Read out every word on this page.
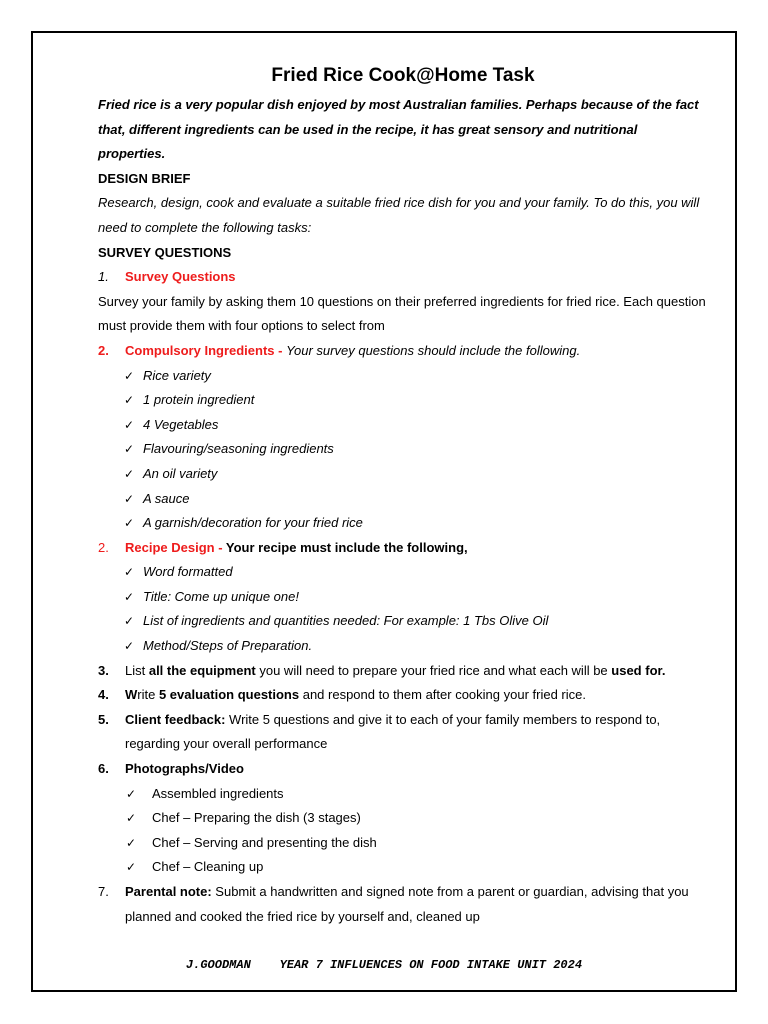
Fried Rice Cook@Home Task
Fried rice is a very popular dish enjoyed by most Australian families. Perhaps because of the fact that, different ingredients can be used in the recipe, it has great sensory and nutritional properties.
DESIGN BRIEF
Research, design, cook and evaluate a suitable fried rice dish for you and your family. To do this, you will need to complete the following tasks:
SURVEY QUESTIONS
1. Survey Questions
Survey your family by asking them 10 questions on their preferred ingredients for fried rice. Each question must provide them with four options to select from
2. Compulsory Ingredients - Your survey questions should include the following.
✓ Rice variety
✓ 1 protein ingredient
✓ 4 Vegetables
✓ Flavouring/seasoning ingredients
✓ An oil variety
✓ A sauce
✓ A garnish/decoration for your fried rice
2. Recipe Design - Your recipe must include the following,
✓ Word formatted
✓ Title: Come up unique one!
✓ List of ingredients and quantities needed: For example: 1 Tbs Olive Oil
✓ Method/Steps of Preparation.
3. List all the equipment you will need to prepare your fried rice and what each will be used for.
4. Write 5 evaluation questions and respond to them after cooking your fried rice.
5. Client feedback: Write 5 questions and give it to each of your family members to respond to, regarding your overall performance
6. Photographs/Video
✓ Assembled ingredients
✓ Chef – Preparing the dish (3 stages)
✓ Chef – Serving and presenting the dish
✓ Chef – Cleaning up
7. Parental note: Submit a handwritten and signed note from a parent or guardian, advising that you planned and cooked the fried rice by yourself and, cleaned up
J.GOODMAN    YEAR 7 INFLUENCES ON FOOD INTAKE UNIT 2024
